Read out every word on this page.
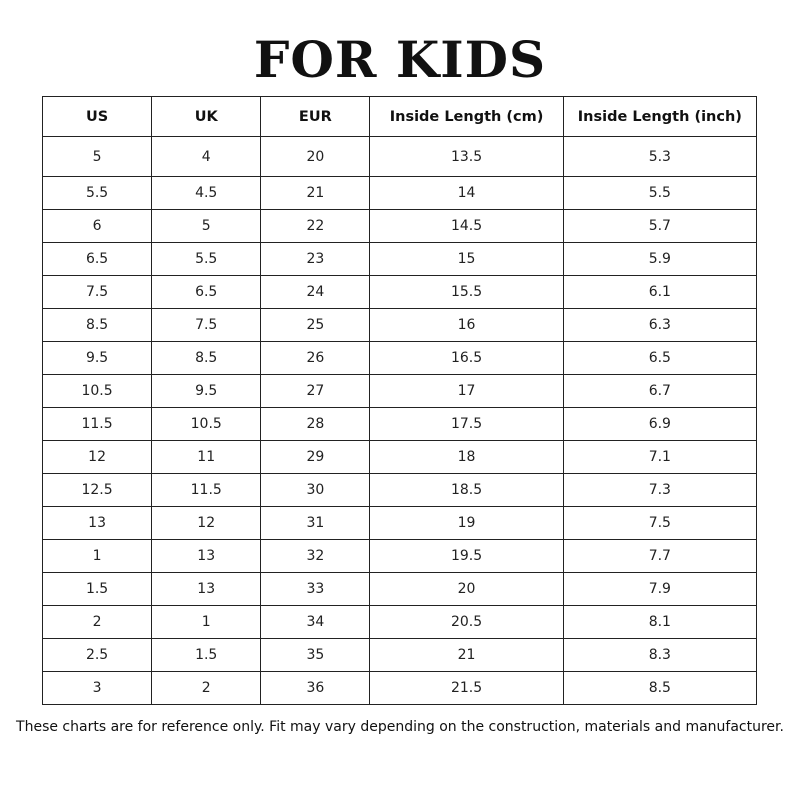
FOR KIDS
US	UK	EUR	Inside Length (cm)	Inside Length (inch)
5	4	20	13.5	5.3
5.5	4.5	21	14	5.5
6	5	22	14.5	5.7
6.5	5.5	23	15	5.9
7.5	6.5	24	15.5	6.1
8.5	7.5	25	16	6.3
9.5	8.5	26	16.5	6.5
10.5	9.5	27	17	6.7
11.5	10.5	28	17.5	6.9
12	11	29	18	7.1
12.5	11.5	30	18.5	7.3
13	12	31	19	7.5
1	13	32	19.5	7.7
1.5	13	33	20	7.9
2	1	34	20.5	8.1
2.5	1.5	35	21	8.3
3	2	36	21.5	8.5

These charts are for reference only. Fit may vary depending on the construction, materials and manufacturer.
